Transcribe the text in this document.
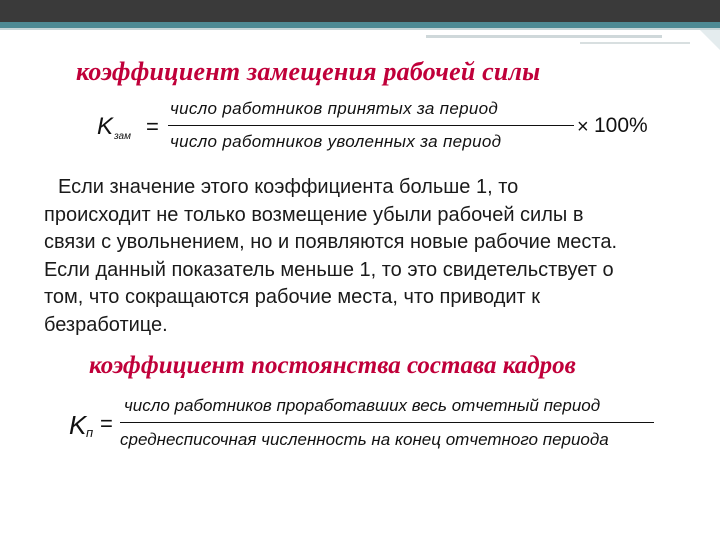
коэффициент замещения рабочей силы
K зам =
число работников принятых за период
число работников уволенных за период
× 100%

Если значение этого коэффициента больше 1, то
происходит не только возмещение убыли рабочей силы в
связи с увольнением, но и появляются новые рабочие места.
Если данный показатель меньше 1, то это свидетельствует о
том, что сокращаются рабочие места, что приводит к
безработице.

коэффициент постоянства состава кадров
K п =
число работников проработавших весь отчетный период
среднесписочная численность на конец отчетного периода
